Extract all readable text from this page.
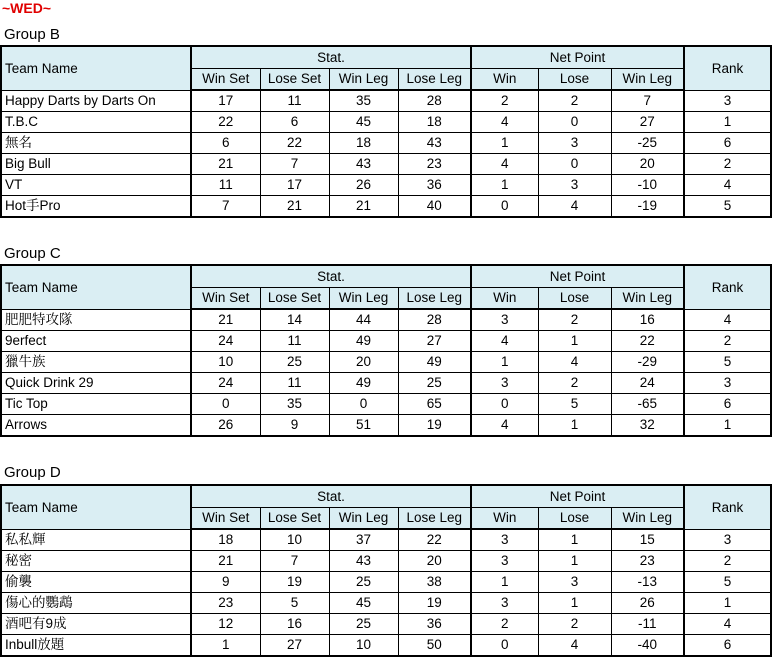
~WED~
Group B
Team Name	Stat.				Net Point			Rank
	Win Set	Lose Set	Win Leg	Lose Leg	Win	Lose	Win Leg	
Happy Darts by Darts On	17	11	35	28	2	2	7	3
T.B.C	22	6	45	18	4	0	27	1
無名	6	22	18	43	1	3	-25	6
Big Bull	21	7	43	23	4	0	20	2
VT	11	17	26	36	1	3	-10	4
Hot手Pro	7	21	21	40	0	4	-19	5
Group C
Team Name	Stat.				Net Point			Rank
	Win Set	Lose Set	Win Leg	Lose Leg	Win	Lose	Win Leg	
肥肥特攻隊	21	14	44	28	3	2	16	4
9erfect	24	11	49	27	4	1	22	2
獵牛族	10	25	20	49	1	4	-29	5
Quick Drink 29	24	11	49	25	3	2	24	3
Tic Top	0	35	0	65	0	5	-65	6
Arrows	26	9	51	19	4	1	32	1
Group D
Team Name	Stat.				Net Point			Rank
	Win Set	Lose Set	Win Leg	Lose Leg	Win	Lose	Win Leg	
私私輝	18	10	37	22	3	1	15	3
秘密	21	7	43	20	3	1	23	2
偷襲	9	19	25	38	1	3	-13	5
傷心的鸚鵡	23	5	45	19	3	1	26	1
酒吧有9成	12	16	25	36	2	2	-11	4
Inbull放題	1	27	10	50	0	4	-40	6
